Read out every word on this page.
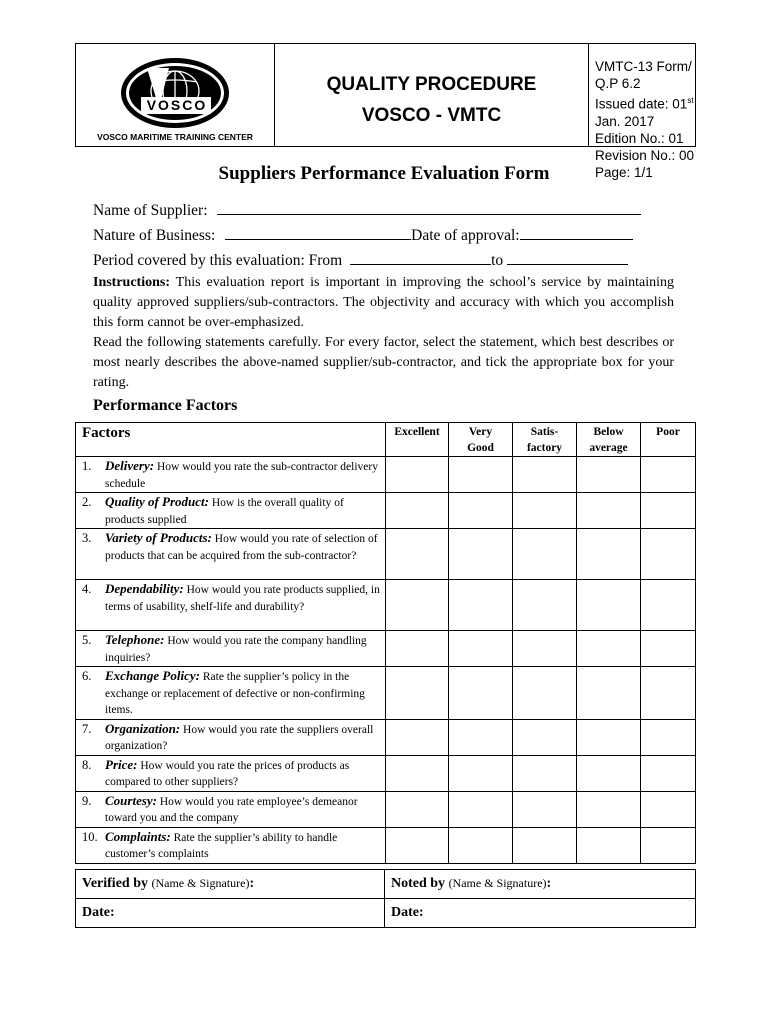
VOSCO
VOSCO MARITIME TRAINING CENTER
QUALITY PROCEDURE
VOSCO - VMTC
VMTC-13 Form/ Q.P 6.2
Issued date: 01st Jan. 2017
Edition No.: 01
Revision No.: 00
Page: 1/1
Suppliers Performance Evaluation Form
Name of Supplier:
Nature of Business:	Date of approval:
Period covered by this evaluation: From	to
Instructions: This evaluation report is important in improving the school’s service by maintaining quality approved suppliers/sub-contractors. The objectivity and accuracy with which you accomplish this form cannot be over-emphasized.
Read the following statements carefully. For every factor, select the statement, which best describes or most nearly describes the above-named supplier/sub-contractor, and tick the appropriate box for your rating.
Performance Factors
Factors	Excellent	Very Good	Satis- factory	Below average	Poor

1. Delivery: How would you rate the sub-contractor delivery schedule					

2. Quality of Product: How is the overall quality of products supplied					

3. Variety of Products: How would you rate of selection of products that can be acquired from the sub-contractor?					

4. Dependability: How would you rate products supplied, in terms of usability, shelf-life and durability?					

5. Telephone: How would you rate the company handling inquiries?					

6. Exchange Policy: Rate the supplier’s policy in the exchange or replacement of defective or non-confirming items.					

7. Organization: How would you rate the suppliers overall organization?					

8. Price: How would you rate the prices of products as compared to other suppliers?					

9. Courtesy: How would you rate employee’s demeanor toward you and the company					

10. Complaints: Rate the supplier’s ability to handle customer’s complaints					

Verified by (Name & Signature):	Noted by (Name & Signature):
Date:	Date:
